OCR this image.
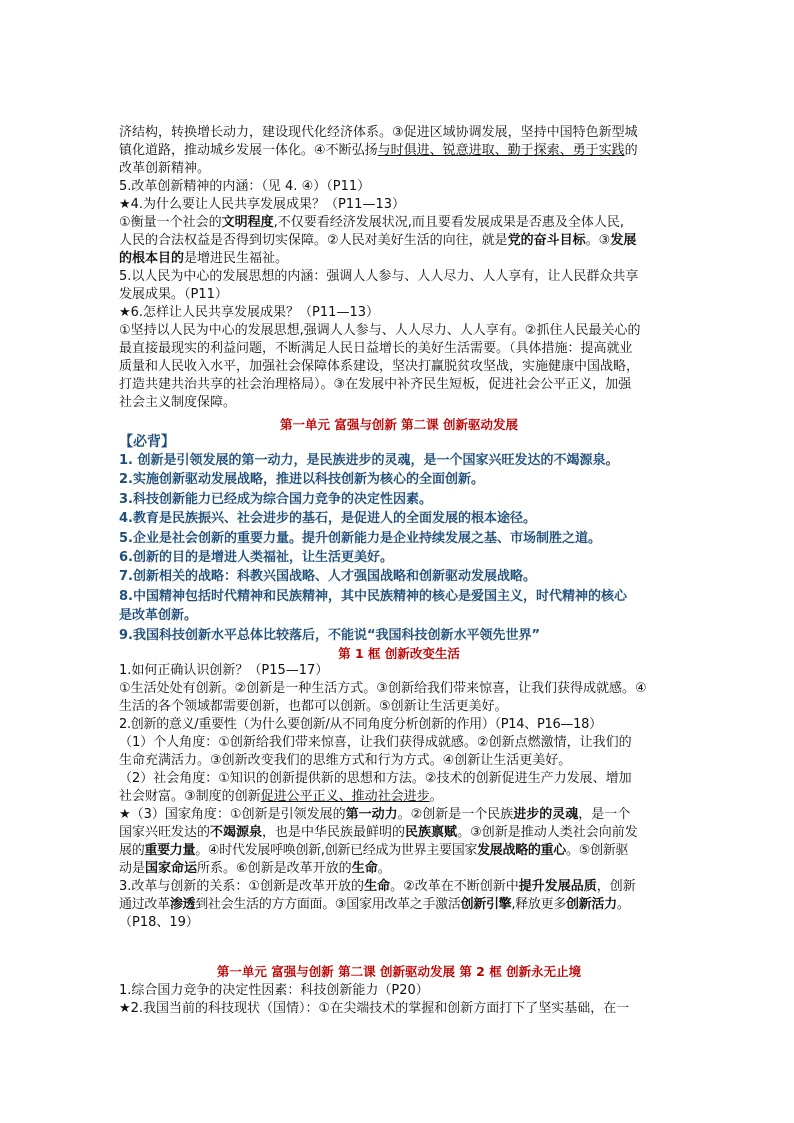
济结构，转换增长动力，建设现代化经济体系。③促进区域协调发展，坚持中国特色新型城

镇化道路，推动城乡发展一体化。④不断弘扬与时俱进、锐意进取、勤于探索、勇于实践的

改革创新精神。

5.改革创新精神的内涵：（见 4. ④）（P11）

★4.为什么要让人民共享发展成果？（P11—13）

①衡量一个社会的文明程度,不仅要看经济发展状况,而且要看发展成果是否惠及全体人民,

人民的合法权益是否得到切实保障。②人民对美好生活的向往，就是党的奋斗目标。③发展

的根本目的是增进民生福祉。

5.以人民为中心的发展思想的内涵：强调人人参与、人人尽力、人人享有，让人民群众共享

发展成果。（P11）

★6.怎样让人民共享发展成果？（P11—13）

①坚持以人民为中心的发展思想,强调人人参与、人人尽力、人人享有。②抓住人民最关心的

最直接最现实的利益问题，不断满足人民日益增长的美好生活需要。（具体措施：提高就业

质量和人民收入水平，加强社会保障体系建设，坚决打赢脱贫攻坚战，实施健康中国战略，

打造共建共治共享的社会治理格局）。③在发展中补齐民生短板，促进社会公平正义，加强

社会主义制度保障。

第一单元 富强与创新 第二课 创新驱动发展

【必背】

1. 创新是引领发展的第一动力，是民族进步的灵魂，是一个国家兴旺发达的不竭源泉。

2.实施创新驱动发展战略，推进以科技创新为核心的全面创新。

3.科技创新能力已经成为综合国力竞争的决定性因素。

4.教育是民族振兴、社会进步的基石，是促进人的全面发展的根本途径。

5.企业是社会创新的重要力量。提升创新能力是企业持续发展之基、市场制胜之道。

6.创新的目的是增进人类福祉，让生活更美好。

7.创新相关的战略：科教兴国战略、人才强国战略和创新驱动发展战略。

8.中国精神包括时代精神和民族精神，其中民族精神的核心是爱国主义，时代精神的核心

是改革创新。

9.我国科技创新水平总体比较落后，不能说“我国科技创新水平领先世界”

第 1 框 创新改变生活

1.如何正确认识创新？（P15—17）

①生活处处有创新。②创新是一种生活方式。③创新给我们带来惊喜，让我们获得成就感。④

生活的各个领域都需要创新，也都可以创新。⑤创新让生活更美好。

2.创新的意义/重要性（为什么要创新/从不同角度分析创新的作用）（P14、P16—18）

（1）个人角度：①创新给我们带来惊喜，让我们获得成就感。②创新点燃激情，让我们的

生命充满活力。③创新改变我们的思维方式和行为方式。④创新让生活更美好。

（2）社会角度：①知识的创新提供新的思想和方法。②技术的创新促进生产力发展、增加

社会财富。③制度的创新促进公平正义、推动社会进步。

★（3）国家角度：①创新是引领发展的第一动力。②创新是一个民族进步的灵魂，是一个

国家兴旺发达的不竭源泉，也是中华民族最鲜明的民族禀赋。③创新是推动人类社会向前发

展的重要力量。④时代发展呼唤创新,创新已经成为世界主要国家发展战略的重心。⑤创新驱

动是国家命运所系。⑥创新是改革开放的生命。

3.改革与创新的关系：①创新是改革开放的生命。②改革在不断创新中提升发展品质，创新

通过改革渗透到社会生活的方方面面。③国家用改革之手激活创新引擎,释放更多创新活力。

（P18、19）

第一单元 富强与创新 第二课 创新驱动发展 第 2 框 创新永无止境

1.综合国力竞争的决定性因素：科技创新能力（P20）

★2.我国当前的科技现状（国情）：①在尖端技术的掌握和创新方面打下了坚实基础，在一
